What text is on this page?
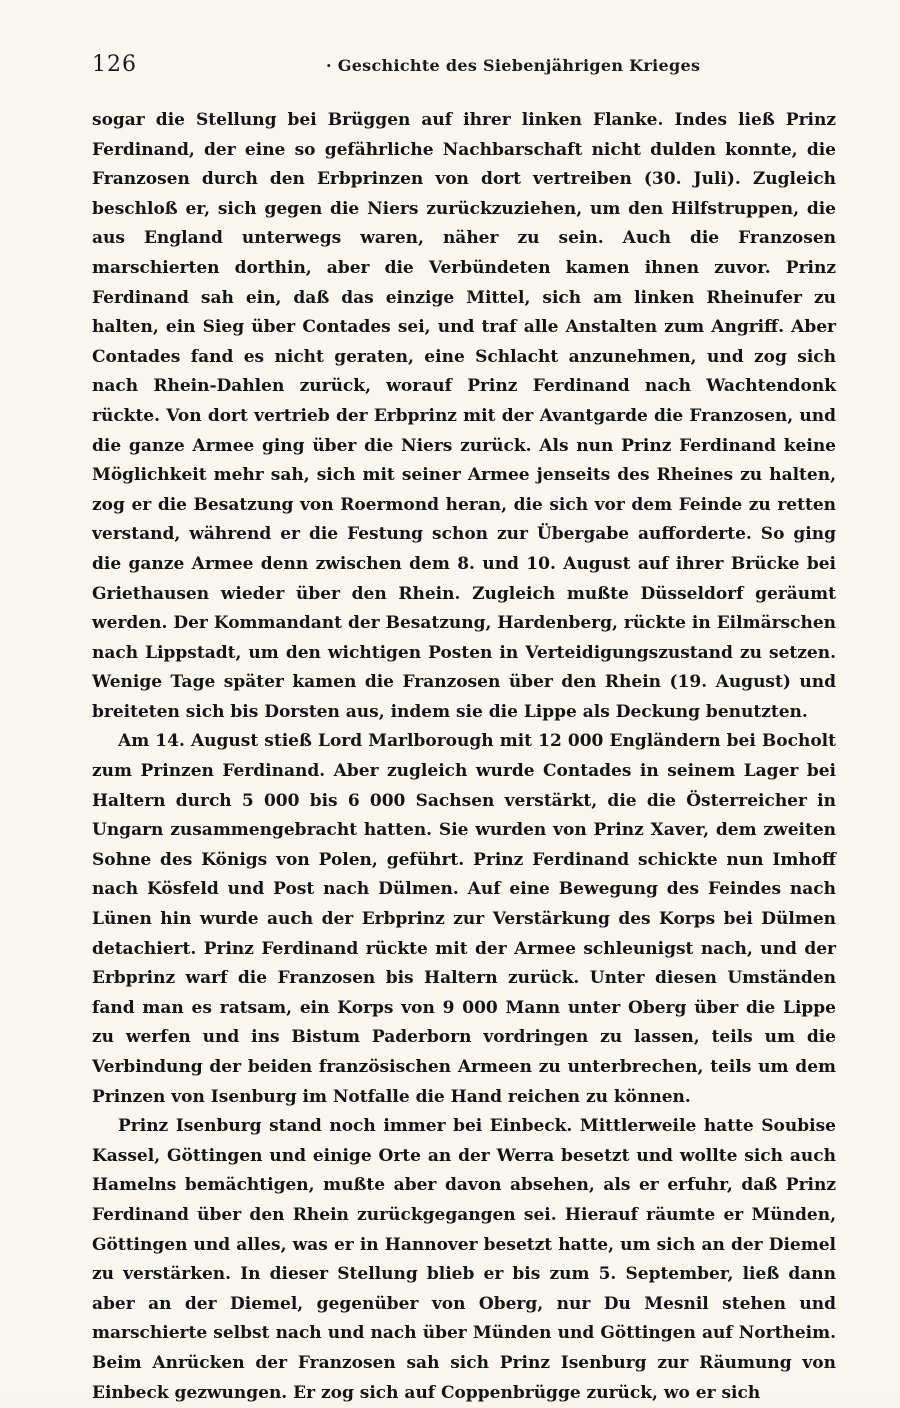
126	· Geschichte des Siebenjährigen Krieges

sogar die Stellung bei Brüggen auf ihrer linken Flanke. Indes ließ Prinz Ferdinand, der eine so gefährliche Nachbarschaft nicht dulden konnte, die Franzosen durch den Erbprinzen von dort vertreiben (30. Juli). Zugleich beschloß er, sich gegen die Niers zurückzuziehen, um den Hilfstruppen, die aus England unterwegs waren, näher zu sein. Auch die Franzosen marschierten dorthin, aber die Verbündeten kamen ihnen zuvor. Prinz Ferdinand sah ein, daß das einzige Mittel, sich am linken Rheinufer zu halten, ein Sieg über Contades sei, und traf alle Anstalten zum Angriff. Aber Contades fand es nicht geraten, eine Schlacht anzunehmen, und zog sich nach Rhein-Dahlen zurück, worauf Prinz Ferdinand nach Wachtendonk rückte. Von dort vertrieb der Erbprinz mit der Avantgarde die Franzosen, und die ganze Armee ging über die Niers zurück. Als nun Prinz Ferdinand keine Möglichkeit mehr sah, sich mit seiner Armee jenseits des Rheines zu halten, zog er die Besatzung von Roermond heran, die sich vor dem Feinde zu retten verstand, während er die Festung schon zur Übergabe aufforderte. So ging die ganze Armee denn zwischen dem 8. und 10. August auf ihrer Brücke bei Griethausen wieder über den Rhein. Zugleich mußte Düsseldorf geräumt werden. Der Kommandant der Besatzung, Hardenberg, rückte in Eilmärschen nach Lippstadt, um den wichtigen Posten in Verteidigungszustand zu setzen. Wenige Tage später kamen die Franzosen über den Rhein (19. August) und breiteten sich bis Dorsten aus, indem sie die Lippe als Deckung benutzten.

Am 14. August stieß Lord Marlborough mit 12 000 Engländern bei Bocholt zum Prinzen Ferdinand. Aber zugleich wurde Contades in seinem Lager bei Haltern durch 5 000 bis 6 000 Sachsen verstärkt, die die Österreicher in Ungarn zusammengebracht hatten. Sie wurden von Prinz Xaver, dem zweiten Sohne des Königs von Polen, geführt. Prinz Ferdinand schickte nun Imhoff nach Kösfeld und Post nach Dülmen. Auf eine Bewegung des Feindes nach Lünen hin wurde auch der Erbprinz zur Verstärkung des Korps bei Dülmen detachiert. Prinz Ferdinand rückte mit der Armee schleunigst nach, und der Erbprinz warf die Franzosen bis Haltern zurück. Unter diesen Umständen fand man es ratsam, ein Korps von 9 000 Mann unter Oberg über die Lippe zu werfen und ins Bistum Paderborn vordringen zu lassen, teils um die Verbindung der beiden französischen Armeen zu unterbrechen, teils um dem Prinzen von Isenburg im Notfalle die Hand reichen zu können.

Prinz Isenburg stand noch immer bei Einbeck. Mittlerweile hatte Soubise Kassel, Göttingen und einige Orte an der Werra besetzt und wollte sich auch Hamelns bemächtigen, mußte aber davon absehen, als er erfuhr, daß Prinz Ferdinand über den Rhein zurückgegangen sei. Hierauf räumte er Münden, Göttingen und alles, was er in Hannover besetzt hatte, um sich an der Diemel zu verstärken. In dieser Stellung blieb er bis zum 5. September, ließ dann aber an der Diemel, gegenüber von Oberg, nur Du Mesnil stehen und marschierte selbst nach und nach über Münden und Göttingen auf Northeim. Beim Anrücken der Franzosen sah sich Prinz Isenburg zur Räumung von Einbeck gezwungen. Er zog sich auf Coppenbrügge zurück, wo er sich
